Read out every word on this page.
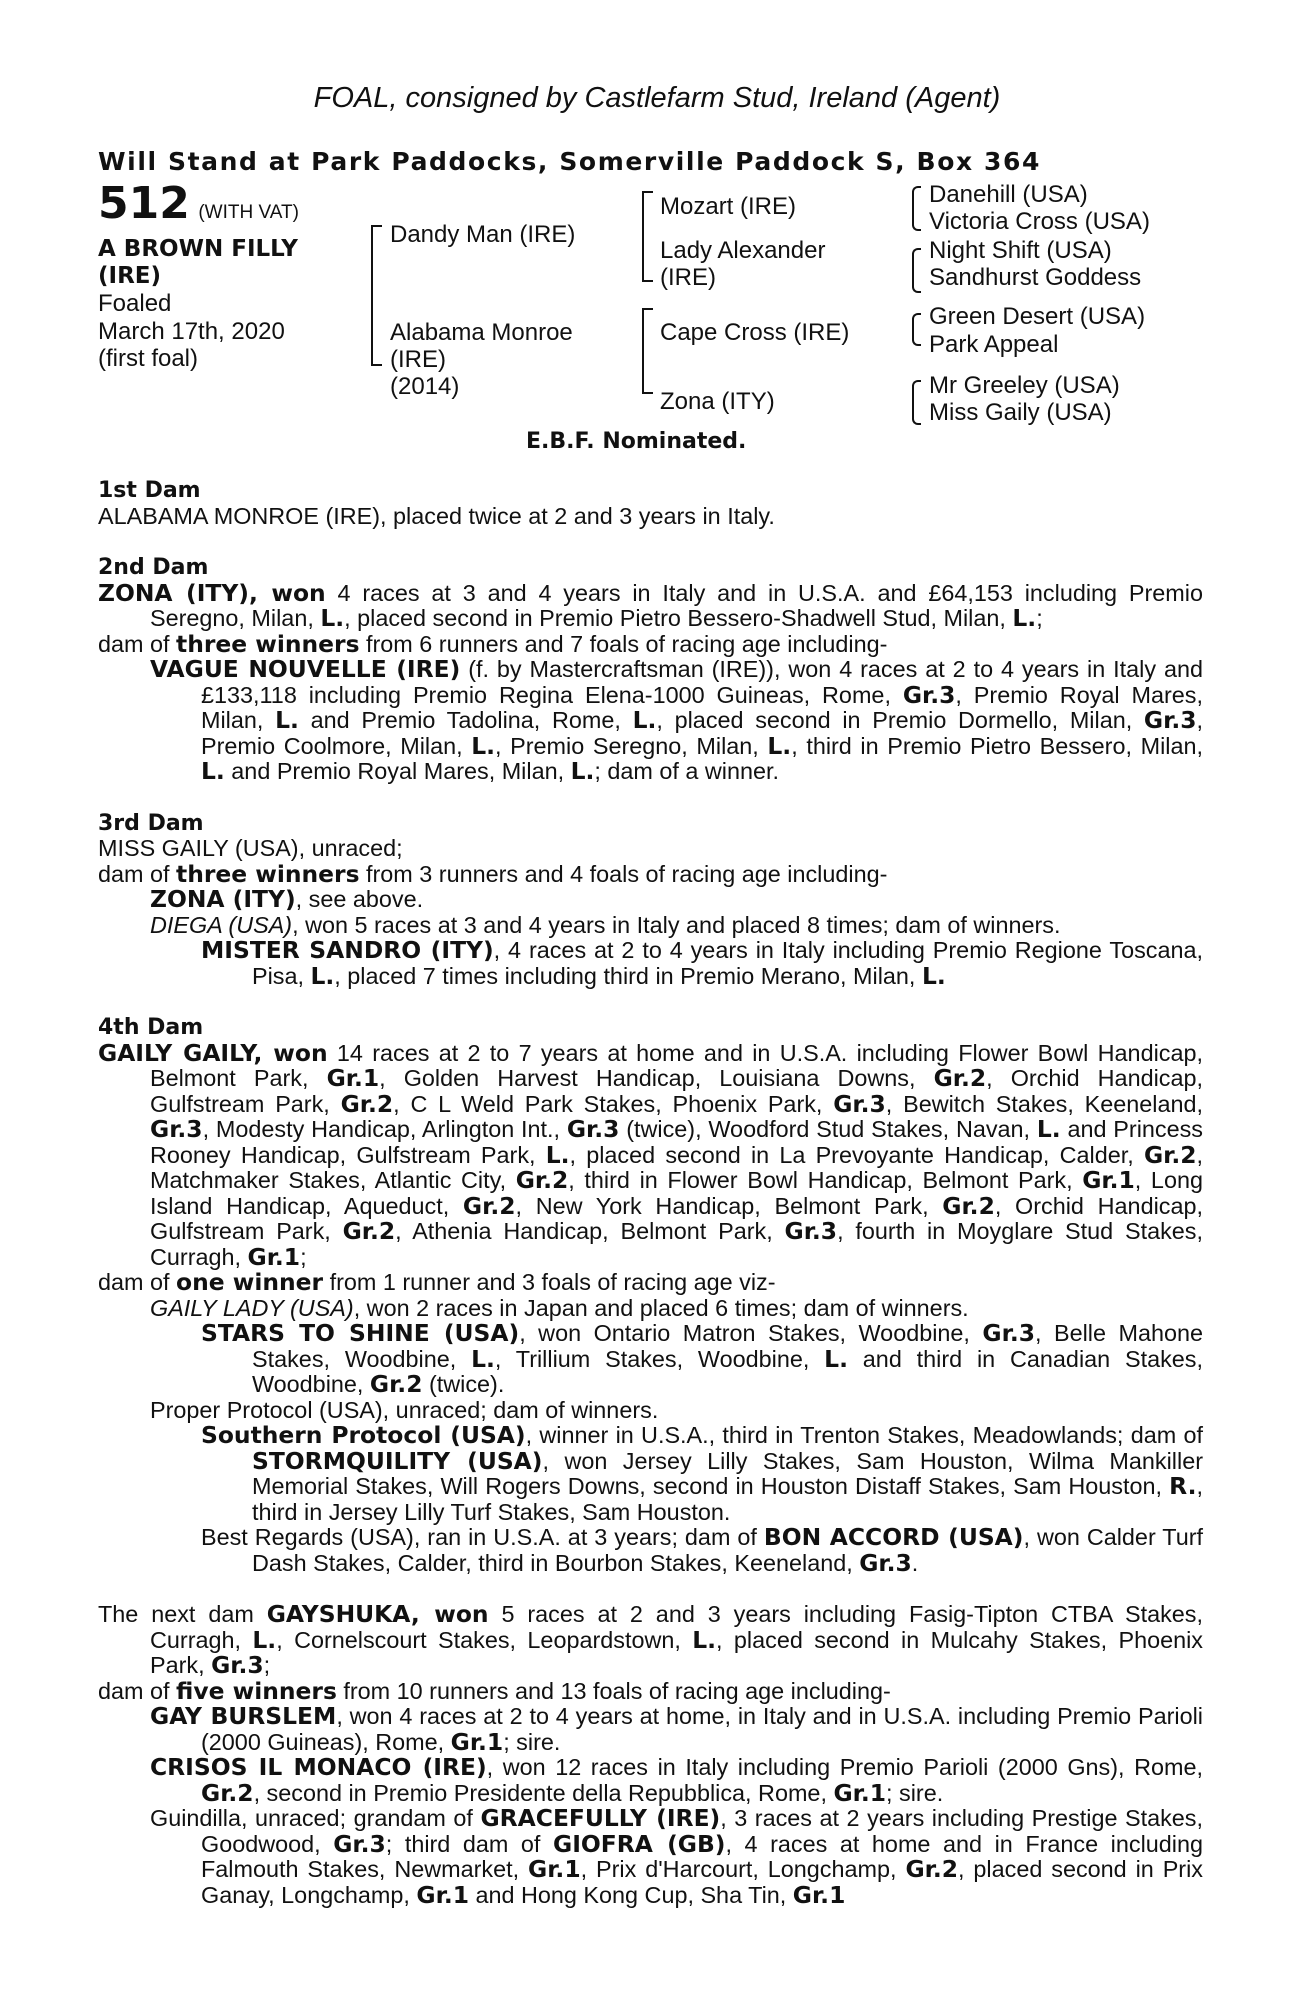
FOAL, consigned by Castlefarm Stud, Ireland (Agent)
Will Stand at Park Paddocks, Somerville Paddock S, Box 364
512 (WITH VAT)
A BROWN FILLY
(IRE)
Foaled
March 17th, 2020
(first foal)
Dandy Man (IRE)
Alabama Monroe
(IRE)
(2014)
Mozart (IRE)
Lady Alexander
(IRE)
Cape Cross (IRE)
Zona (ITY)
Danehill (USA)
Victoria Cross (USA)
Night Shift (USA)
Sandhurst Goddess
Green Desert (USA)
Park Appeal
Mr Greeley (USA)
Miss Gaily (USA)
E.B.F. Nominated.
1st Dam
ALABAMA MONROE (IRE), placed twice at 2 and 3 years in Italy.
2nd Dam
ZONA (ITY), won 4 races at 3 and 4 years in Italy and in U.S.A. and £64,153 including Premio Seregno, Milan, L., placed second in Premio Pietro Bessero-Shadwell Stud, Milan, L.;
dam of three winners from 6 runners and 7 foals of racing age including-
VAGUE NOUVELLE (IRE) (f. by Mastercraftsman (IRE)), won 4 races at 2 to 4 years in Italy and £133,118 including Premio Regina Elena-1000 Guineas, Rome, Gr.3, Premio Royal Mares, Milan, L. and Premio Tadolina, Rome, L., placed second in Premio Dormello, Milan, Gr.3, Premio Coolmore, Milan, L., Premio Seregno, Milan, L., third in Premio Pietro Bessero, Milan, L. and Premio Royal Mares, Milan, L.; dam of a winner.
3rd Dam
MISS GAILY (USA), unraced;
dam of three winners from 3 runners and 4 foals of racing age including-
ZONA (ITY), see above.
DIEGA (USA), won 5 races at 3 and 4 years in Italy and placed 8 times; dam of winners.
MISTER SANDRO (ITY), 4 races at 2 to 4 years in Italy including Premio Regione Toscana, Pisa, L., placed 7 times including third in Premio Merano, Milan, L.
4th Dam
GAILY GAILY, won 14 races at 2 to 7 years at home and in U.S.A. including Flower Bowl Handicap, Belmont Park, Gr.1, Golden Harvest Handicap, Louisiana Downs, Gr.2, Orchid Handicap, Gulfstream Park, Gr.2, C L Weld Park Stakes, Phoenix Park, Gr.3, Bewitch Stakes, Keeneland, Gr.3, Modesty Handicap, Arlington Int., Gr.3 (twice), Woodford Stud Stakes, Navan, L. and Princess Rooney Handicap, Gulfstream Park, L., placed second in La Prevoyante Handicap, Calder, Gr.2, Matchmaker Stakes, Atlantic City, Gr.2, third in Flower Bowl Handicap, Belmont Park, Gr.1, Long Island Handicap, Aqueduct, Gr.2, New York Handicap, Belmont Park, Gr.2, Orchid Handicap, Gulfstream Park, Gr.2, Athenia Handicap, Belmont Park, Gr.3, fourth in Moyglare Stud Stakes, Curragh, Gr.1;
dam of one winner from 1 runner and 3 foals of racing age viz-
GAILY LADY (USA), won 2 races in Japan and placed 6 times; dam of winners.
STARS TO SHINE (USA), won Ontario Matron Stakes, Woodbine, Gr.3, Belle Mahone Stakes, Woodbine, L., Trillium Stakes, Woodbine, L. and third in Canadian Stakes, Woodbine, Gr.2 (twice).
Proper Protocol (USA), unraced; dam of winners.
Southern Protocol (USA), winner in U.S.A., third in Trenton Stakes, Meadowlands; dam of STORMQUILITY (USA), won Jersey Lilly Stakes, Sam Houston, Wilma Mankiller Memorial Stakes, Will Rogers Downs, second in Houston Distaff Stakes, Sam Houston, R., third in Jersey Lilly Turf Stakes, Sam Houston.
Best Regards (USA), ran in U.S.A. at 3 years; dam of BON ACCORD (USA), won Calder Turf Dash Stakes, Calder, third in Bourbon Stakes, Keeneland, Gr.3.
The next dam GAYSHUKA, won 5 races at 2 and 3 years including Fasig-Tipton CTBA Stakes, Curragh, L., Cornelscourt Stakes, Leopardstown, L., placed second in Mulcahy Stakes, Phoenix Park, Gr.3;
dam of five winners from 10 runners and 13 foals of racing age including-
GAY BURSLEM, won 4 races at 2 to 4 years at home, in Italy and in U.S.A. including Premio Parioli (2000 Guineas), Rome, Gr.1; sire.
CRISOS IL MONACO (IRE), won 12 races in Italy including Premio Parioli (2000 Gns), Rome, Gr.2, second in Premio Presidente della Repubblica, Rome, Gr.1; sire.
Guindilla, unraced; grandam of GRACEFULLY (IRE), 3 races at 2 years including Prestige Stakes, Goodwood, Gr.3; third dam of GIOFRA (GB), 4 races at home and in France including Falmouth Stakes, Newmarket, Gr.1, Prix d'Harcourt, Longchamp, Gr.2, placed second in Prix Ganay, Longchamp, Gr.1 and Hong Kong Cup, Sha Tin, Gr.1
